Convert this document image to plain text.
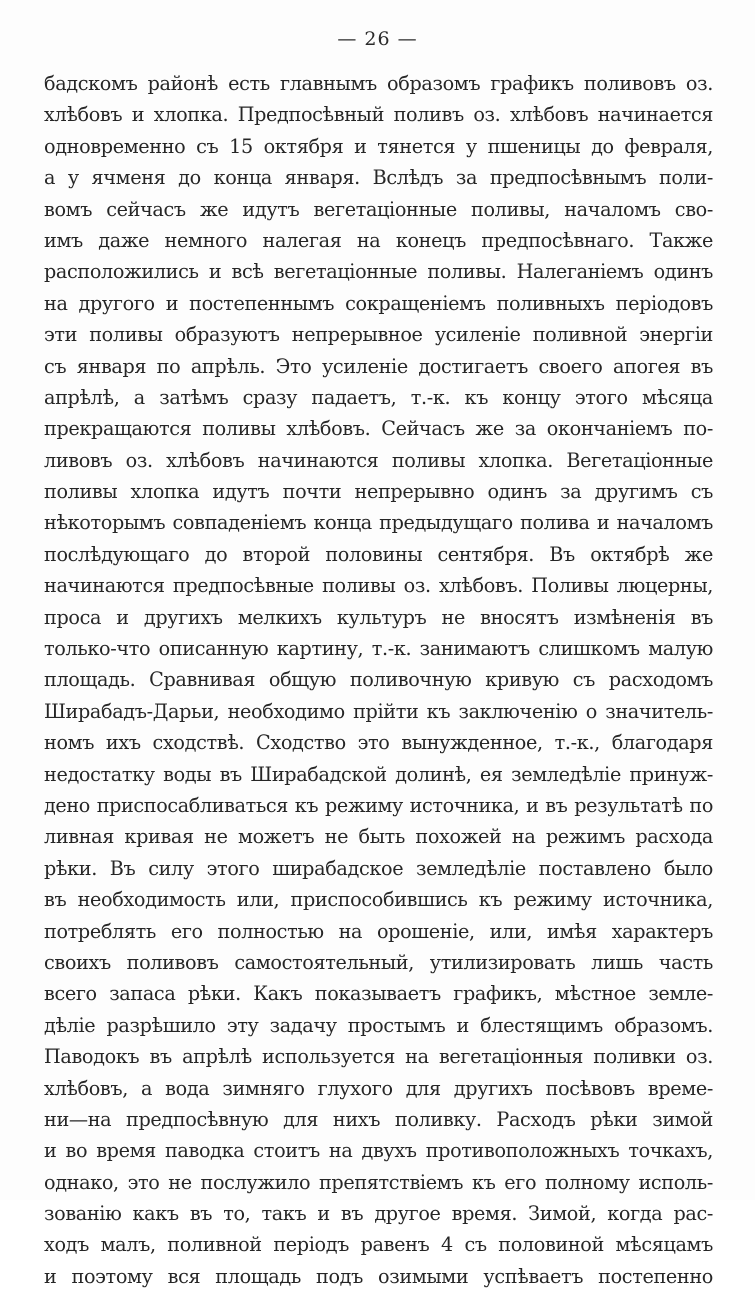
— 26 —
бадскомъ районѣ есть главнымъ образомъ графикъ поливовъ оз.
хлѣбовъ и хлопка. Предпосѣвный поливъ оз. хлѣбовъ начинается
одновременно съ 15 октября и тянется у пшеницы до февраля,
а у ячменя до конца января. Вслѣдъ за предпосѣвнымъ поли-
вомъ сейчасъ же идутъ вегетаціонные поливы, началомъ сво-
имъ даже немного налегая на конецъ предпосѣвнаго. Также
расположились и всѣ вегетаціонные поливы. Налеганіемъ одинъ
на другого и постепеннымъ сокращеніемъ поливныхъ періодовъ
эти поливы образуютъ непрерывное усиленіе поливной энергіи
съ января по апрѣль. Это усиленіе достигаетъ своего апогея въ
апрѣлѣ, а затѣмъ сразу падаетъ, т.-к. къ концу этого мѣсяца
прекращаются поливы хлѣбовъ. Сейчасъ же за окончаніемъ по-
ливовъ оз. хлѣбовъ начинаются поливы хлопка. Вегетаціонные
поливы хлопка идутъ почти непрерывно одинъ за другимъ съ
нѣкоторымъ совпаденіемъ конца предыдущаго полива и началомъ
послѣдующаго до второй половины сентября. Въ октябрѣ же
начинаются предпосѣвные поливы оз. хлѣбовъ. Поливы люцерны,
проса и другихъ мелкихъ культуръ не вносятъ измѣненія въ
только-что описанную картину, т.-к. занимаютъ слишкомъ малую
площадь. Сравнивая общую поливочную кривую съ расходомъ
Ширабадъ-Дарьи, необходимо прійти къ заключенію о значитель-
номъ ихъ сходствѣ. Сходство это вынужденное, т.-к., благодаря
недостатку воды въ Ширабадской долинѣ, ея земледѣліе принуж-
дено приспосабливаться къ режиму источника, и въ результатѣ по
ливная кривая не можетъ не быть похожей на режимъ расхода
рѣки. Въ силу этого ширабадское земледѣліе поставлено было
въ необходимость или, приспособившись къ режиму источника,
потреблять его полностью на орошеніе, или, имѣя характеръ
своихъ поливовъ самостоятельный, утилизировать лишь часть
всего запаса рѣки. Какъ показываетъ графикъ, мѣстное земле-
дѣліе разрѣшило эту задачу простымъ и блестящимъ образомъ.
Паводокъ въ апрѣлѣ используется на вегетаціонныя поливки оз.
хлѣбовъ, а вода зимняго глухого для другихъ посѣвовъ време-
ни—на предпосѣвную для нихъ поливку. Расходъ рѣки зимой
и во время паводка стоитъ на двухъ противоположныхъ точкахъ,
однако, это не послужило препятствіемъ къ его полному исполь-
зованію какъ въ то, такъ и въ другое время. Зимой, когда рас-
ходъ малъ, поливной періодъ равенъ 4 съ половиной мѣсяцамъ
и поэтому вся площадь подъ озимыми успѣваетъ постепенно
